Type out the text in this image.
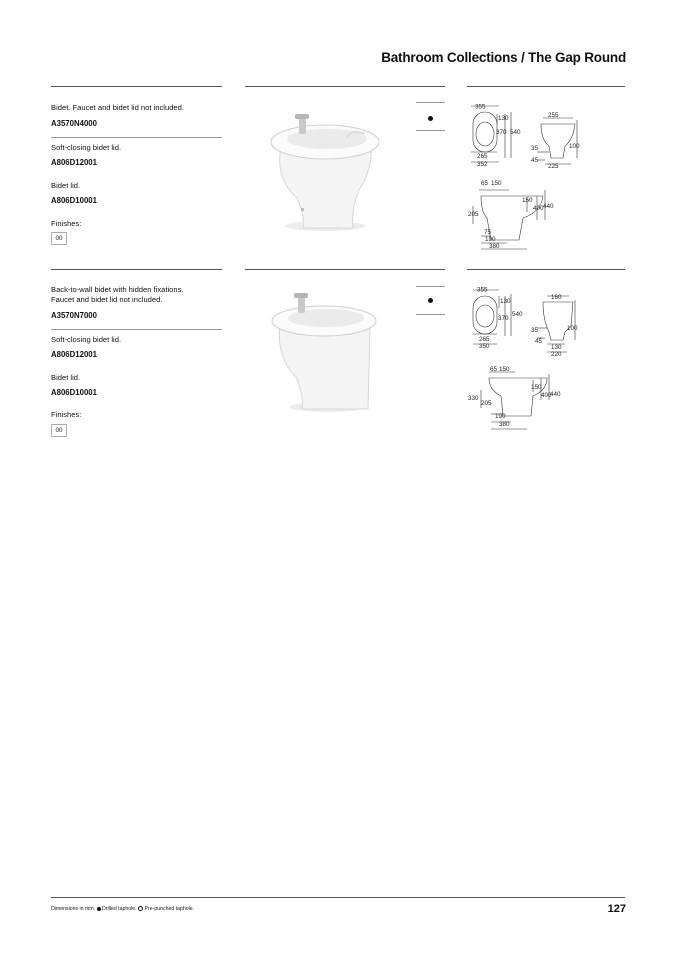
Bathroom Collections / The Gap Round
Bidet. Faucet and bidet lid not included.
A3570N4000
Soft-closing bidet lid.
A806D12001
Bidet lid.
A806D10001
Finishes:
00
355
130
370 540
265
352
255
35	100
45
225
65 150
150
400 440
205
75
190
380
Back-to-wall bidet with hidden fixations.
Faucet and bidet lid not included.
A3570N7000
Soft-closing bidet lid.
A806D12001
Bidet lid.
A806D10001
Finishes:
00
355
130
370
540
265
350
160
35	100
45
130
220
65 150
150
400
440
330
205
190
380
Dimensions in mm. Drilled taphole. Pre-punched taphole.	127
